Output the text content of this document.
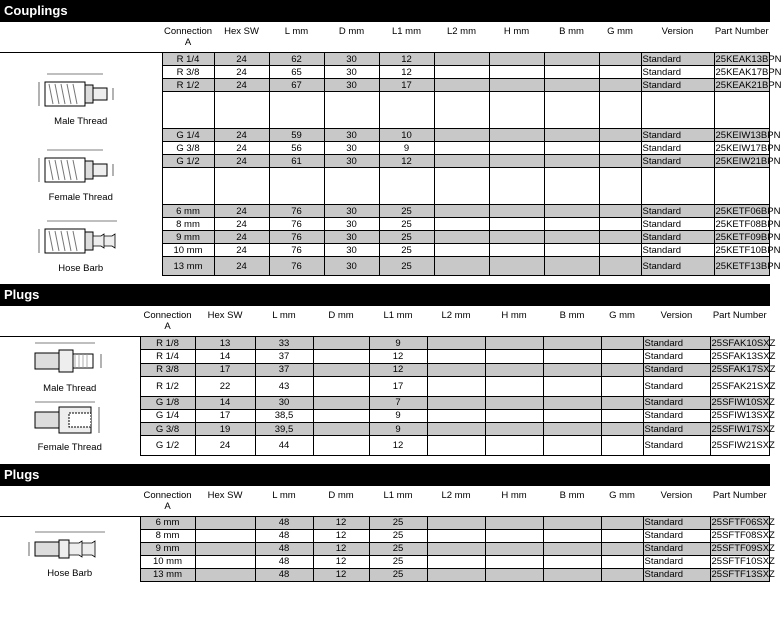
Couplings
	Connection A	Hex SW	L mm	D mm	L1 mm	L2 mm	H mm	B mm	G mm	Version	Part Number

Male Thread	R 1/4	24	62	30	12					Standard	25KEAK13BPN
	R 3/8	24	65	30	12					Standard	25KEAK17BPN
	R 1/2	24	67	30	17					Standard	25KEAK21BPN

Female Thread	G 1/4	24	59	30	10					Standard	25KEIW13BPN
	G 3/8	24	56	30	9					Standard	25KEIW17BPN
	G 1/2	24	61	30	12					Standard	25KEIW21BPN

Hose Barb	6 mm	24	76	30	25					Standard	25KETF06BPN
	8 mm	24	76	30	25					Standard	25KETF08BPN
	9 mm	24	76	30	25					Standard	25KETF09BPN
	10 mm	24	76	30	25					Standard	25KETF10BPN
	13 mm	24	76	30	25					Standard	25KETF13BPN
Plugs
	Connection A	Hex SW	L mm	D mm	L1 mm	L2 mm	H mm	B mm	G mm	Version	Part Number

Male Thread	R 1/8	13	33		9					Standard	25SFAK10SXZ
	R 1/4	14	37		12					Standard	25SFAK13SXZ
	R 3/8	17	37		12					Standard	25SFAK17SXZ
	R 1/2	22	43		17					Standard	25SFAK21SXZ

Female Thread	G 1/8	14	30		7					Standard	25SFIW10SXZ
	G 1/4	17	38,5		9					Standard	25SFIW13SXZ
	G 3/8	19	39,5		9					Standard	25SFIW17SXZ
	G 1/2	24	44		12					Standard	25SFIW21SXZ
Plugs
	Connection A	Hex SW	L mm	D mm	L1 mm	L2 mm	H mm	B mm	G mm	Version	Part Number

Hose Barb	6 mm		48	12	25					Standard	25SFTF06SXZ
	8 mm		48	12	25					Standard	25SFTF08SXZ
	9 mm		48	12	25					Standard	25SFTF09SXZ
	10 mm		48	12	25					Standard	25SFTF10SXZ
	13 mm		48	12	25					Standard	25SFTF13SXZ
